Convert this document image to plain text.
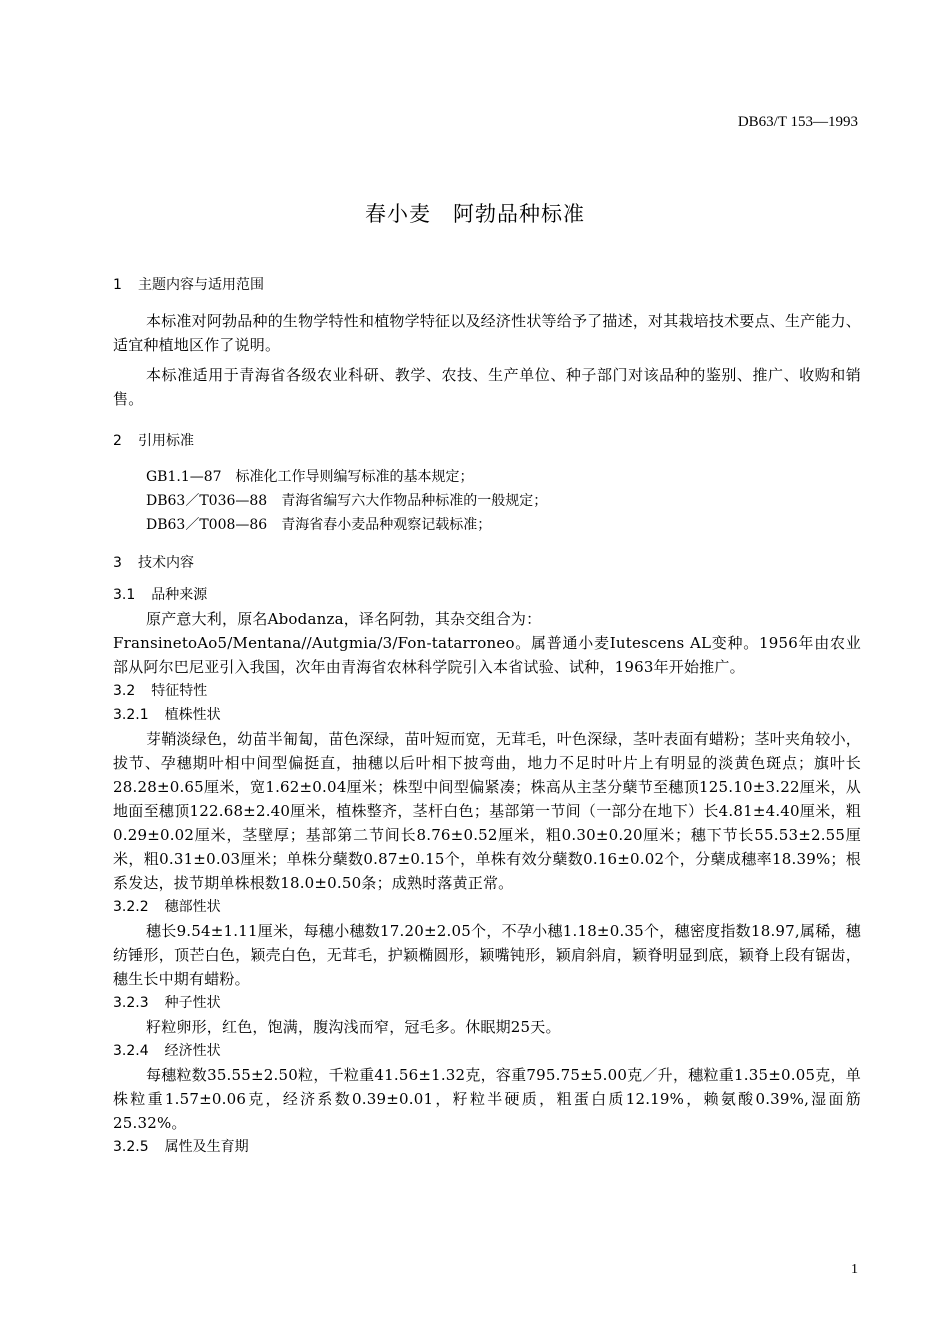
DB63/T 153—1993
春小麦　阿勃品种标准
1 主题内容与适用范围

本标准对阿勃品种的生物学特性和植物学特征以及经济性状等给予了描述，对其栽培技术要点、生产能力、适宜种植地区作了说明。

本标准适用于青海省各级农业科研、教学、农技、生产单位、种子部门对该品种的鉴别、推广、收购和销售。

2 引用标准

GB1.1—87　标准化工作导则编写标准的基本规定；

DB63／T036—88　青海省编写六大作物品种标准的一般规定；

DB63／T008—86　青海省春小麦品种观察记载标准；

3 技术内容
3.1 品种来源

原产意大利，原名Abodanza，译名阿勃，其杂交组合为：

FransinetoAo5/Mentana//Autgmia/3/Fon-tatarroneo。属普通小麦Iutescens AL变种。1956年由农业部从阿尔巴尼亚引入我国，次年由青海省农林科学院引入本省试验、试种，1963年开始推广。

3.2 特征特性
3.2.1 植株性状

芽鞘淡绿色，幼苗半匍匐，苗色深绿，苗叶短而宽，无茸毛，叶色深绿，茎叶表面有蜡粉；茎叶夹角较小，拔节、孕穗期叶相中间型偏挺直，抽穗以后叶相下披弯曲，地力不足时叶片上有明显的淡黄色斑点；旗叶长28.28±0.65厘米，宽1.62±0.04厘米；株型中间型偏紧凑；株高从主茎分蘖节至穗顶125.10±3.22厘米，从地面至穗顶122.68±2.40厘米，植株整齐，茎杆白色；基部第一节间（一部分在地下）长4.81±4.40厘米，粗0.29±0.02厘米，茎壁厚；基部第二节间长8.76±0.52厘米，粗0.30±0.20厘米；穗下节长55.53±2.55厘米，粗0.31±0.03厘米；单株分蘖数0.87±0.15个，单株有效分蘖数0.16±0.02个，分蘖成穗率18.39%；根系发达，拔节期单株根数18.0±0.50条；成熟时落黄正常。

3.2.2 穗部性状

穗长9.54±1.11厘米，每穗小穗数17.20±2.05个，不孕小穗1.18±0.35个，穗密度指数18.97,属稀，穗纺锤形，顶芒白色，颖壳白色，无茸毛，护颖椭圆形，颖嘴钝形，颖肩斜肩，颖脊明显到底，颖脊上段有锯齿，穗生长中期有蜡粉。

3.2.3 种子性状

籽粒卵形，红色，饱满，腹沟浅而窄，冠毛多。休眠期25天。

3.2.4 经济性状

每穗粒数35.55±2.50粒，千粒重41.56±1.32克，容重795.75±5.00克／升，穗粒重1.35±0.05克，单株粒重1.57±0.06克，经济系数0.39±0.01，籽粒半硬质，粗蛋白质12.19%，赖氨酸0.39%,湿面筋25.32%。

3.2.5 属性及生育期
1
